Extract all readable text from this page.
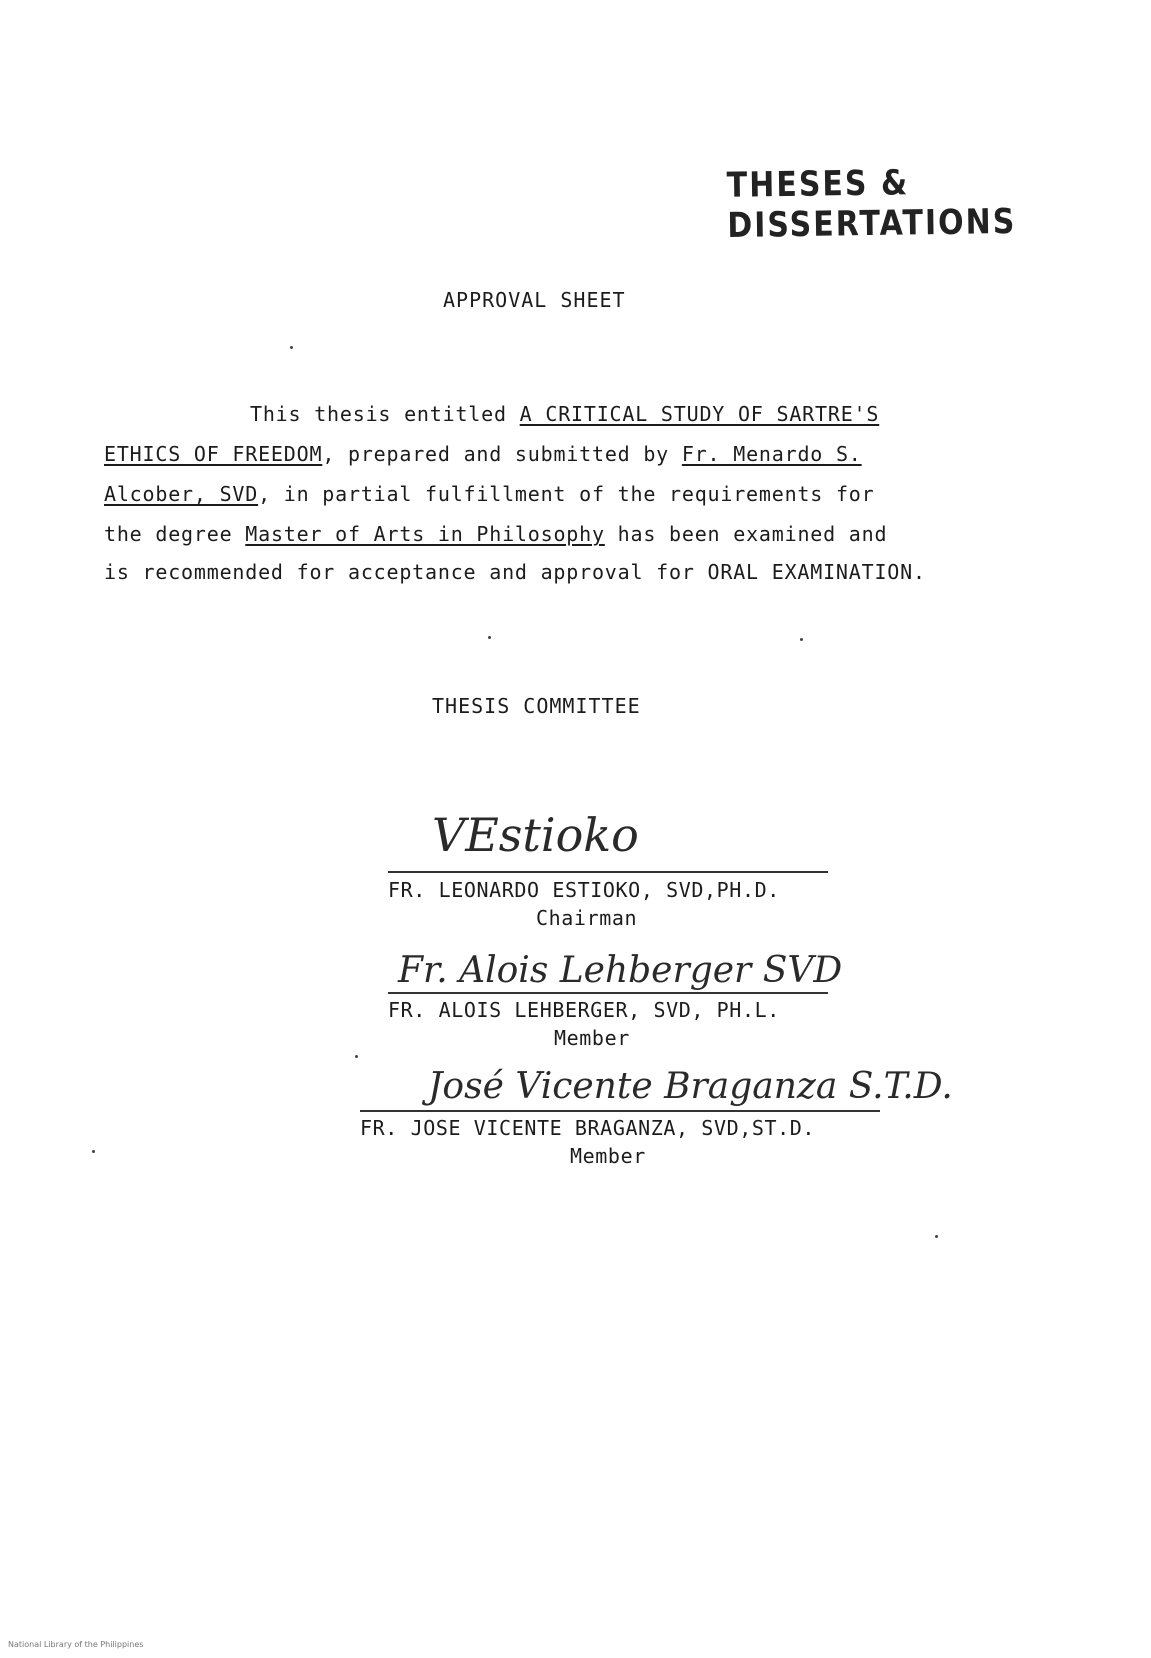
THESES & DISSERTATIONS
APPROVAL SHEET
This thesis entitled A CRITICAL STUDY OF SARTRE'S
ETHICS OF FREEDOM, prepared and submitted by Fr. Menardo S.
Alcober, SVD, in partial fulfillment of the requirements for
the degree Master of Arts in Philosophy has been examined and
is recommended for acceptance and approval for ORAL EXAMINATION.
THESIS COMMITTEE
VEstioko
FR. LEONARDO ESTIOKO, SVD,PH.D.
Chairman
Fr. Alois Lehberger SVD
FR. ALOIS LEHBERGER, SVD, PH.L.
Member
José Vicente Braganza S.T.D.
FR. JOSE VICENTE BRAGANZA, SVD,ST.D.
Member
National Library of the Philippines
